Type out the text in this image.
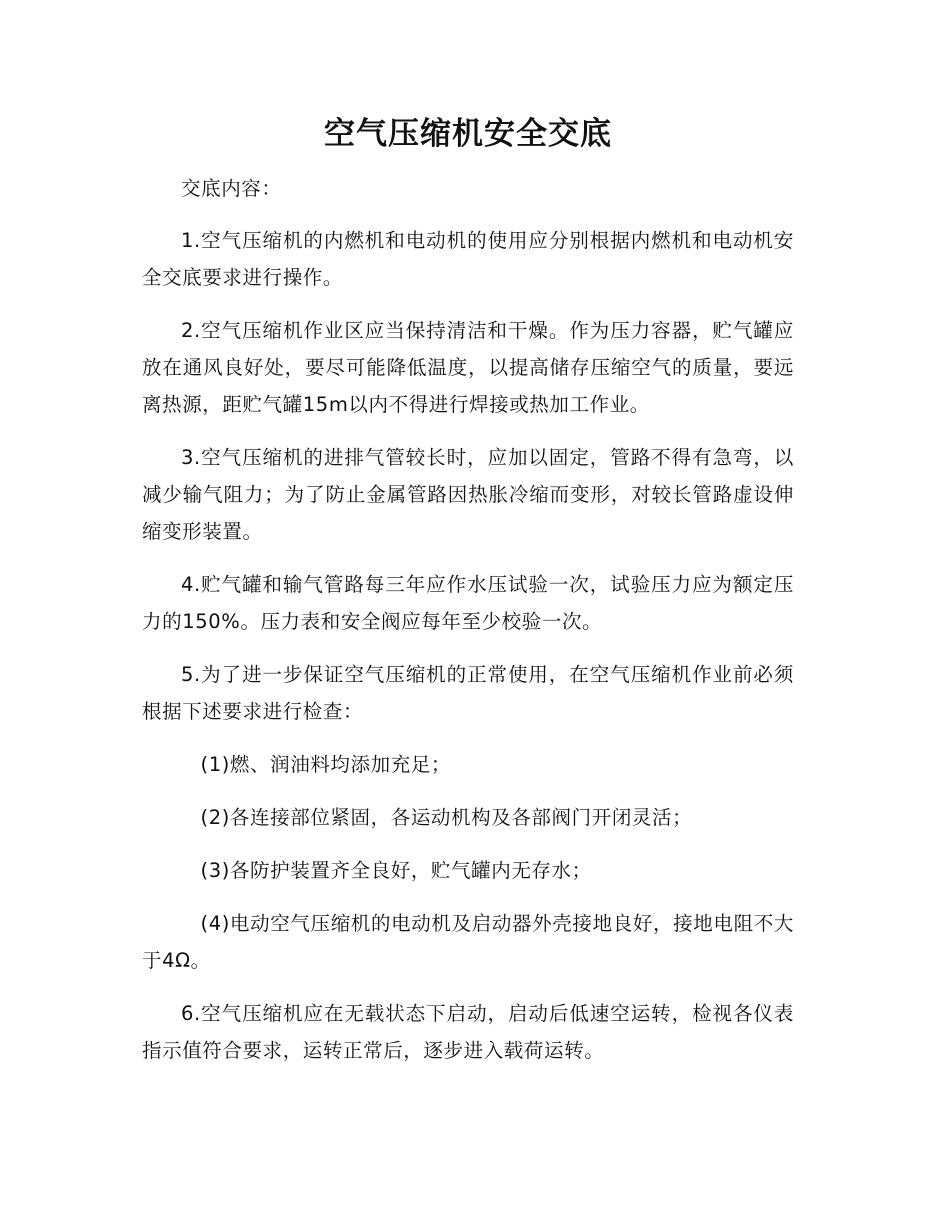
空气压缩机安全交底

交底内容：

1.空气压缩机的内燃机和电动机的使用应分别根据内燃机和电动机安全交底要求进行操作。

2.空气压缩机作业区应当保持清洁和干燥。作为压力容器，贮气罐应放在通风良好处，要尽可能降低温度，以提高储存压缩空气的质量，要远离热源，距贮气罐15m以内不得进行焊接或热加工作业。

3.空气压缩机的进排气管较长时，应加以固定，管路不得有急弯，以减少输气阻力；为了防止金属管路因热胀冷缩而变形，对较长管路虚设伸缩变形装置。

4.贮气罐和输气管路每三年应作水压试验一次，试验压力应为额定压力的150%。压力表和安全阀应每年至少校验一次。

5.为了进一步保证空气压缩机的正常使用，在空气压缩机作业前必须根据下述要求进行检查：

(1)燃、润油料均添加充足；

(2)各连接部位紧固，各运动机构及各部阀门开闭灵活；

(3)各防护装置齐全良好，贮气罐内无存水；

(4)电动空气压缩机的电动机及启动器外壳接地良好，接地电阻不大于4Ω。

6.空气压缩机应在无载状态下启动，启动后低速空运转，检视各仪表指示值符合要求，运转正常后，逐步进入载荷运转。
